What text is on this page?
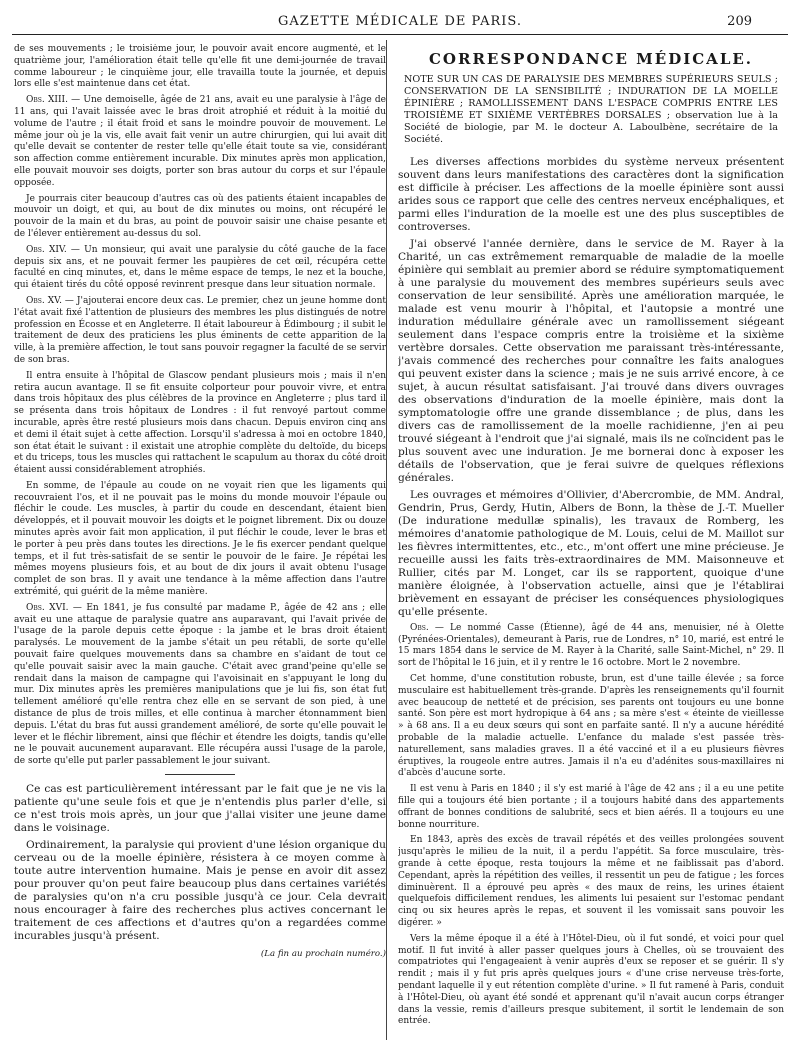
GAZETTE MÉDICALE DE PARIS.	209

de ses mouvements ; le troisième jour, le pouvoir avait encore augmenté, et le quatrième jour, l'amélioration était telle qu'elle fit une demi-journée de travail comme laboureur ; le cinquième jour, elle travailla toute la journée, et depuis lors elle s'est maintenue dans cet état.

Obs. XIII. — Une demoiselle, âgée de 21 ans, avait eu une paralysie à l'âge de 11 ans, qui l'avait laissée avec le bras droit atrophié et réduit à la moitié du volume de l'autre ; il était froid et sans le moindre pouvoir de mouvement. Le même jour où je la vis, elle avait fait venir un autre chirurgien, qui lui avait dit qu'elle devait se contenter de rester telle qu'elle était toute sa vie, considérant son affection comme entièrement incurable. Dix minutes après mon application, elle pouvait mouvoir ses doigts, porter son bras autour du corps et sur l'épaule opposée.

Je pourrais citer beaucoup d'autres cas où des patients étaient incapables de mouvoir un doigt, et qui, au bout de dix minutes ou moins, ont récupéré le pouvoir de la main et du bras, au point de pouvoir saisir une chaise pesante et de l'élever entièrement au-dessus du sol.

Obs. XIV. — Un monsieur, qui avait une paralysie du côté gauche de la face depuis six ans, et ne pouvait fermer les paupières de cet œil, récupéra cette faculté en cinq minutes, et, dans le même espace de temps, le nez et la bouche, qui étaient tirés du côté opposé revinrent presque dans leur situation normale.

Obs. XV. — J'ajouterai encore deux cas. Le premier, chez un jeune homme dont l'état avait fixé l'attention de plusieurs des membres les plus distingués de notre profession en Écosse et en Angleterre. Il était laboureur à Édimbourg ; il subit le traitement de deux des praticiens les plus éminents de cette apparition de la ville, à la première affection, le tout sans pouvoir regagner la faculté de se servir de son bras.

Il entra ensuite à l'hôpital de Glascow pendant plusieurs mois ; mais il n'en retira aucun avantage. Il se fit ensuite colporteur pour pouvoir vivre, et entra dans trois hôpitaux des plus célèbres de la province en Angleterre ; plus tard il se présenta dans trois hôpitaux de Londres : il fut renvoyé partout comme incurable, après être resté plusieurs mois dans chacun. Depuis environ cinq ans et demi il était sujet à cette affection. Lorsqu'il s'adressa à moi en octobre 1840, son état était le suivant : il existait une atrophie complète du deltoïde, du biceps et du triceps, tous les muscles qui rattachent le scapulum au thorax du côté droit étaient aussi considérablement atrophiés.

En somme, de l'épaule au coude on ne voyait rien que les ligaments qui recouvraient l'os, et il ne pouvait pas le moins du monde mouvoir l'épaule ou fléchir le coude. Les muscles, à partir du coude en descendant, étaient bien développés, et il pouvait mouvoir les doigts et le poignet librement. Dix ou douze minutes après avoir fait mon application, il put fléchir le coude, lever le bras et le porter à peu près dans toutes les directions. Je le fis exercer pendant quelque temps, et il fut très-satisfait de se sentir le pouvoir de le faire. Je répétai les mêmes moyens plusieurs fois, et au bout de dix jours il avait obtenu l'usage complet de son bras. Il y avait une tendance à la même affection dans l'autre extrémité, qui guérit de la même manière.

Obs. XVI. — En 1841, je fus consulté par madame P., âgée de 42 ans ; elle avait eu une attaque de paralysie quatre ans auparavant, qui l'avait privée de l'usage de la parole depuis cette époque : la jambe et le bras droit étaient paralysés. Le mouvement de la jambe s'était un peu rétabli, de sorte qu'elle pouvait faire quelques mouvements dans sa chambre en s'aidant de tout ce qu'elle pouvait saisir avec la main gauche. C'était avec grand'peine qu'elle se rendait dans la maison de campagne qui l'avoisinait en s'appuyant le long du mur. Dix minutes après les premières manipulations que je lui fis, son état fut tellement amélioré qu'elle rentra chez elle en se servant de son pied, à une distance de plus de trois milles, et elle continua à marcher étonnamment bien depuis. L'état du bras fut aussi grandement amélioré, de sorte qu'elle pouvait le lever et le fléchir librement, ainsi que fléchir et étendre les doigts, tandis qu'elle ne le pouvait aucunement auparavant. Elle récupéra aussi l'usage de la parole, de sorte qu'elle put parler passablement le jour suivant.

Ce cas est particulièrement intéressant par le fait que je ne vis la patiente qu'une seule fois et que je n'entendis plus parler d'elle, si ce n'est trois mois après, un jour que j'allai visiter une jeune dame dans le voisinage.

Ordinairement, la paralysie qui provient d'une lésion organique du cerveau ou de la moelle épinière, résistera à ce moyen comme à toute autre intervention humaine. Mais je pense en avoir dit assez pour prouver qu'on peut faire beaucoup plus dans certaines variétés de paralysies qu'on n'a cru possible jusqu'à ce jour. Cela devrait nous encourager à faire des recherches plus actives concernant le traitement de ces affections et d'autres qu'on a regardées comme incurables jusqu'à présent.

(La fin au prochain numéro.)

CORRESPONDANCE MÉDICALE.

NOTE SUR UN CAS DE PARALYSIE DES MEMBRES SUPÉRIEURS SEULS ; CONSERVATION DE LA SENSIBILITÉ ; INDURATION DE LA MOELLE ÉPINIÈRE ; RAMOLLISSEMENT DANS L'ESPACE COMPRIS ENTRE LES TROISIÈME ET SIXIÈME VERTÈBRES DORSALES ; observation lue à la Société de biologie, par M. le docteur A. Laboulbène, secrétaire de la Société.

Les diverses affections morbides du système nerveux présentent souvent dans leurs manifestations des caractères dont la signification est difficile à préciser. Les affections de la moelle épinière sont aussi arides sous ce rapport que celle des centres nerveux encéphaliques, et parmi elles l'induration de la moelle est une des plus susceptibles de controverses.

J'ai observé l'année dernière, dans le service de M. Rayer à la Charité, un cas extrêmement remarquable de maladie de la moelle épinière qui semblait au premier abord se réduire symptomatiquement à une paralysie du mouvement des membres supérieurs seuls avec conservation de leur sensibilité. Après une amélioration marquée, le malade est venu mourir à l'hôpital, et l'autopsie a montré une induration médullaire générale avec un ramollissement siégeant seulement dans l'espace compris entre la troisième et la sixième vertèbre dorsales. Cette observation me paraissant très-intéressante, j'avais commencé des recherches pour connaître les faits analogues qui peuvent exister dans la science ; mais je ne suis arrivé encore, à ce sujet, à aucun résultat satisfaisant. J'ai trouvé dans divers ouvrages des observations d'induration de la moelle épinière, mais dont la symptomatologie offre une grande dissemblance ; de plus, dans les divers cas de ramollissement de la moelle rachidienne, j'en ai peu trouvé siégeant à l'endroit que j'ai signalé, mais ils ne coïncident pas le plus souvent avec une induration. Je me bornerai donc à exposer les détails de l'observation, que je ferai suivre de quelques réflexions générales.

Les ouvrages et mémoires d'Ollivier, d'Abercrombie, de MM. Andral, Gendrin, Prus, Gerdy, Hutin, Albers de Bonn, la thèse de J.-T. Mueller (De induratione medullæ spinalis), les travaux de Romberg, les mémoires d'anatomie pathologique de M. Louis, celui de M. Maillot sur les fièvres intermittentes, etc., etc., m'ont offert une mine précieuse. Je recueille aussi les faits très-extraordinaires de MM. Maisonneuve et Rullier, cités par M. Longet, car ils se rapportent, quoique d'une manière éloignée, à l'observation actuelle, ainsi que je l'établirai brièvement en essayant de préciser les conséquences physiologiques qu'elle présente.

Obs. — Le nommé Casse (Étienne), âgé de 44 ans, menuisier, né à Olette (Pyrénées-Orientales), demeurant à Paris, rue de Londres, n° 10, marié, est entré le 15 mars 1854 dans le service de M. Rayer à la Charité, salle Saint-Michel, n° 29. Il sort de l'hôpital le 16 juin, et il y rentre le 16 octobre. Mort le 2 novembre.

Cet homme, d'une constitution robuste, brun, est d'une taille élevée ; sa force musculaire est habituellement très-grande. D'après les renseignements qu'il fournit avec beaucoup de netteté et de précision, ses parents ont toujours eu une bonne santé. Son père est mort hydropique à 64 ans ; sa mère s'est « éteinte de vieillesse » à 68 ans. Il a eu deux sœurs qui sont en parfaite santé. Il n'y a aucune hérédité probable de la maladie actuelle. L'enfance du malade s'est passée très-naturellement, sans maladies graves. Il a été vacciné et il a eu plusieurs fièvres éruptives, la rougeole entre autres. Jamais il n'a eu d'adénites sous-maxillaires ni d'abcès d'aucune sorte.

Il est venu à Paris en 1840 ; il s'y est marié à l'âge de 42 ans ; il a eu une petite fille qui a toujours été bien portante ; il a toujours habité dans des appartements offrant de bonnes conditions de salubrité, secs et bien aérés. Il a toujours eu une bonne nourriture.

En 1843, après des excès de travail répétés et des veilles prolongées souvent jusqu'après le milieu de la nuit, il a perdu l'appétit. Sa force musculaire, très-grande à cette époque, resta toujours la même et ne faiblissait pas d'abord. Cependant, après la répétition des veilles, il ressentit un peu de fatigue ; les forces diminuèrent. Il a éprouvé peu après « des maux de reins, les urines étaient quelquefois difficilement rendues, les aliments lui pesaient sur l'estomac pendant cinq ou six heures après le repas, et souvent il les vomissait sans pouvoir les digérer. »

Vers la même époque il a été à l'Hôtel-Dieu, où il fut sondé, et voici pour quel motif. Il fut invité à aller passer quelques jours à Chelles, où se trouvaient des compatriotes qui l'engageaient à venir auprès d'eux se reposer et se guérir. Il s'y rendit ; mais il y fut pris après quelques jours « d'une crise nerveuse très-forte, pendant laquelle il y eut rétention complète d'urine. » Il fut ramené à Paris, conduit à l'Hôtel-Dieu, où ayant été sondé et apprenant qu'il n'avait aucun corps étranger dans la vessie, remis d'ailleurs presque subitement, il sortit le lendemain de son entrée.
